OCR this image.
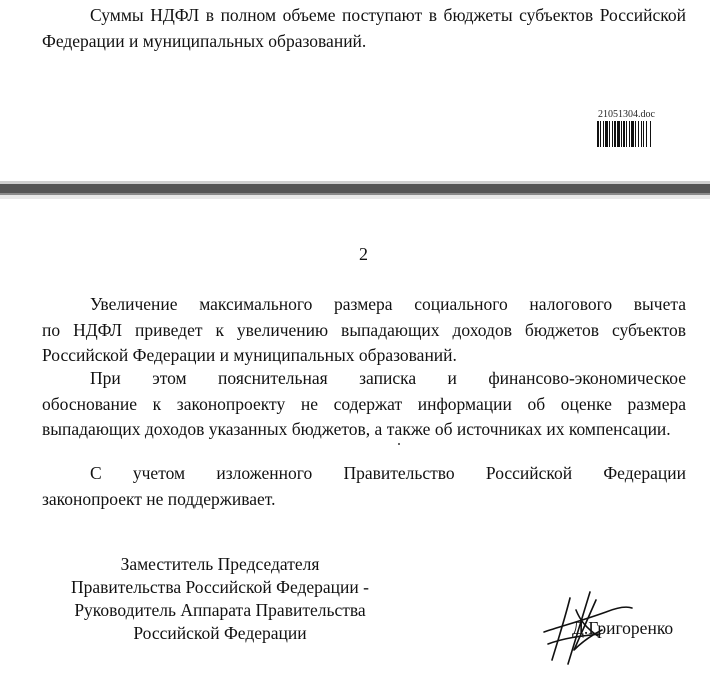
Суммы НДФЛ в полном объеме поступают в бюджеты субъектов Российской Федерации и муниципальных образований.

21051304.doc
2

Увеличение максимального размера социального налогового вычета
по НДФЛ приведет к увеличению выпадающих доходов бюджетов субъектов Российской Федерации и муниципальных образований.

При этом пояснительная записка и финансово-экономическое
обоснование к законопроекту не содержат информации об оценке размера выпадающих доходов указанных бюджетов, а также об источниках их компенсации.

С учетом изложенного Правительство Российской Федерации
законопроект не поддерживает.

Заместитель Председателя
Правительства Российской Федерации -
Руководитель Аппарата Правительства
Российской Федерации	Д.Григоренко
